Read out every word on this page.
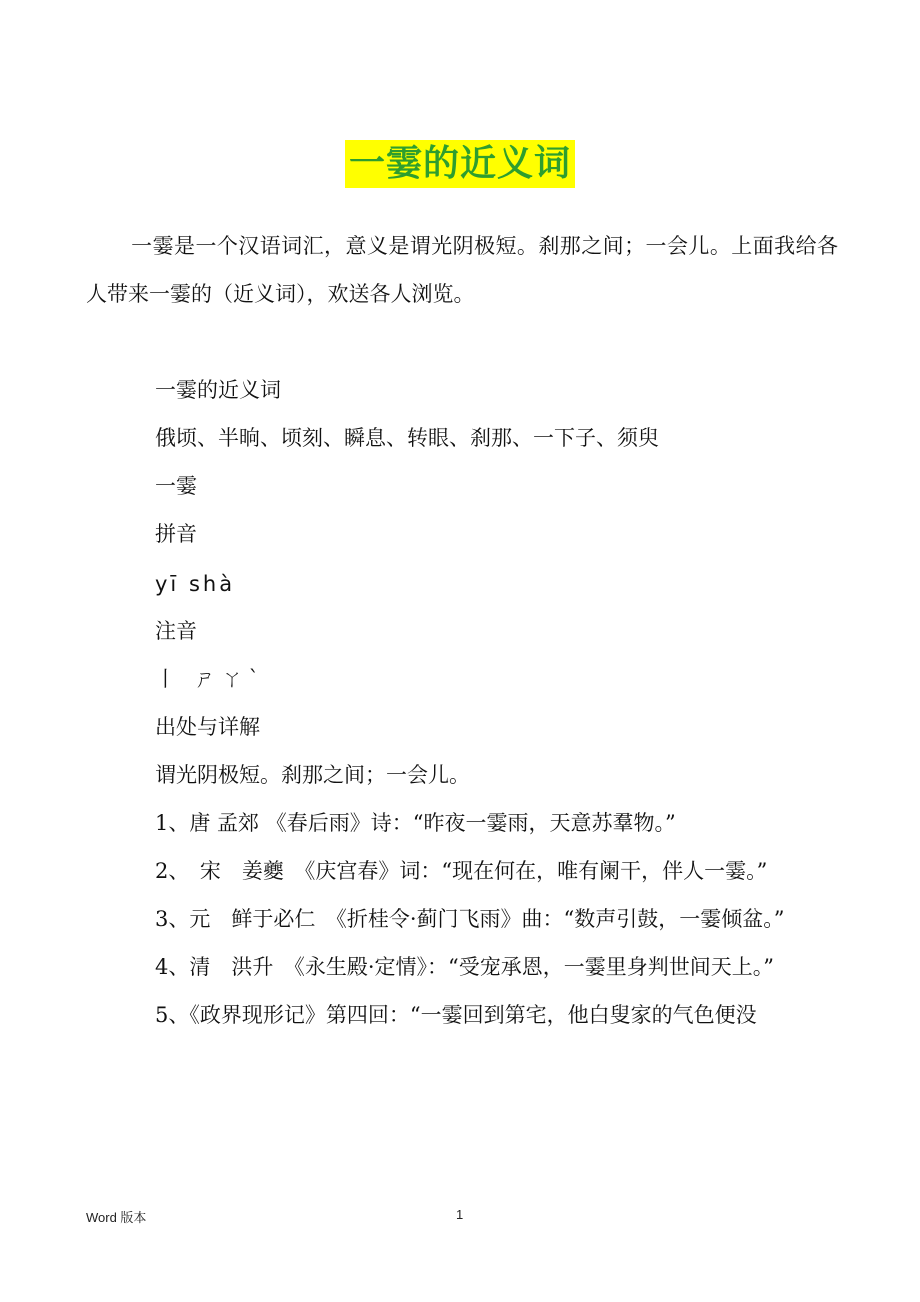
一霎的近义词

一霎是一个汉语词汇，意义是谓光阴极短。刹那之间；一会儿。上面我给各人带来一霎的（近义词），欢送各人浏览。

一霎的近义词
俄顷、半晌、顷刻、瞬息、转眼、刹那、一下子、须臾
一霎
拼音
yī shà
注音
丨 ㄕㄚˋ
出处与详解
谓光阴极短。刹那之间；一会儿。

1、唐 孟郊 《春后雨》诗：“昨夜一霎雨，天意苏羣物。”

2、　宋　姜夔　《庆宫春》词：“现在何在，唯有阑干，伴人一霎。”

3、元　鲜于必仁　《折桂令·蓟门飞雨》曲：“数声引鼓，一霎倾盆。”

4、清　洪升　《永生殿·定情》：“受宠承恩，一霎里身判世间天上。”

5、《政界现形记》第四回：“一霎回到第宅，他白叟家的气色便没

Word 版本	1
